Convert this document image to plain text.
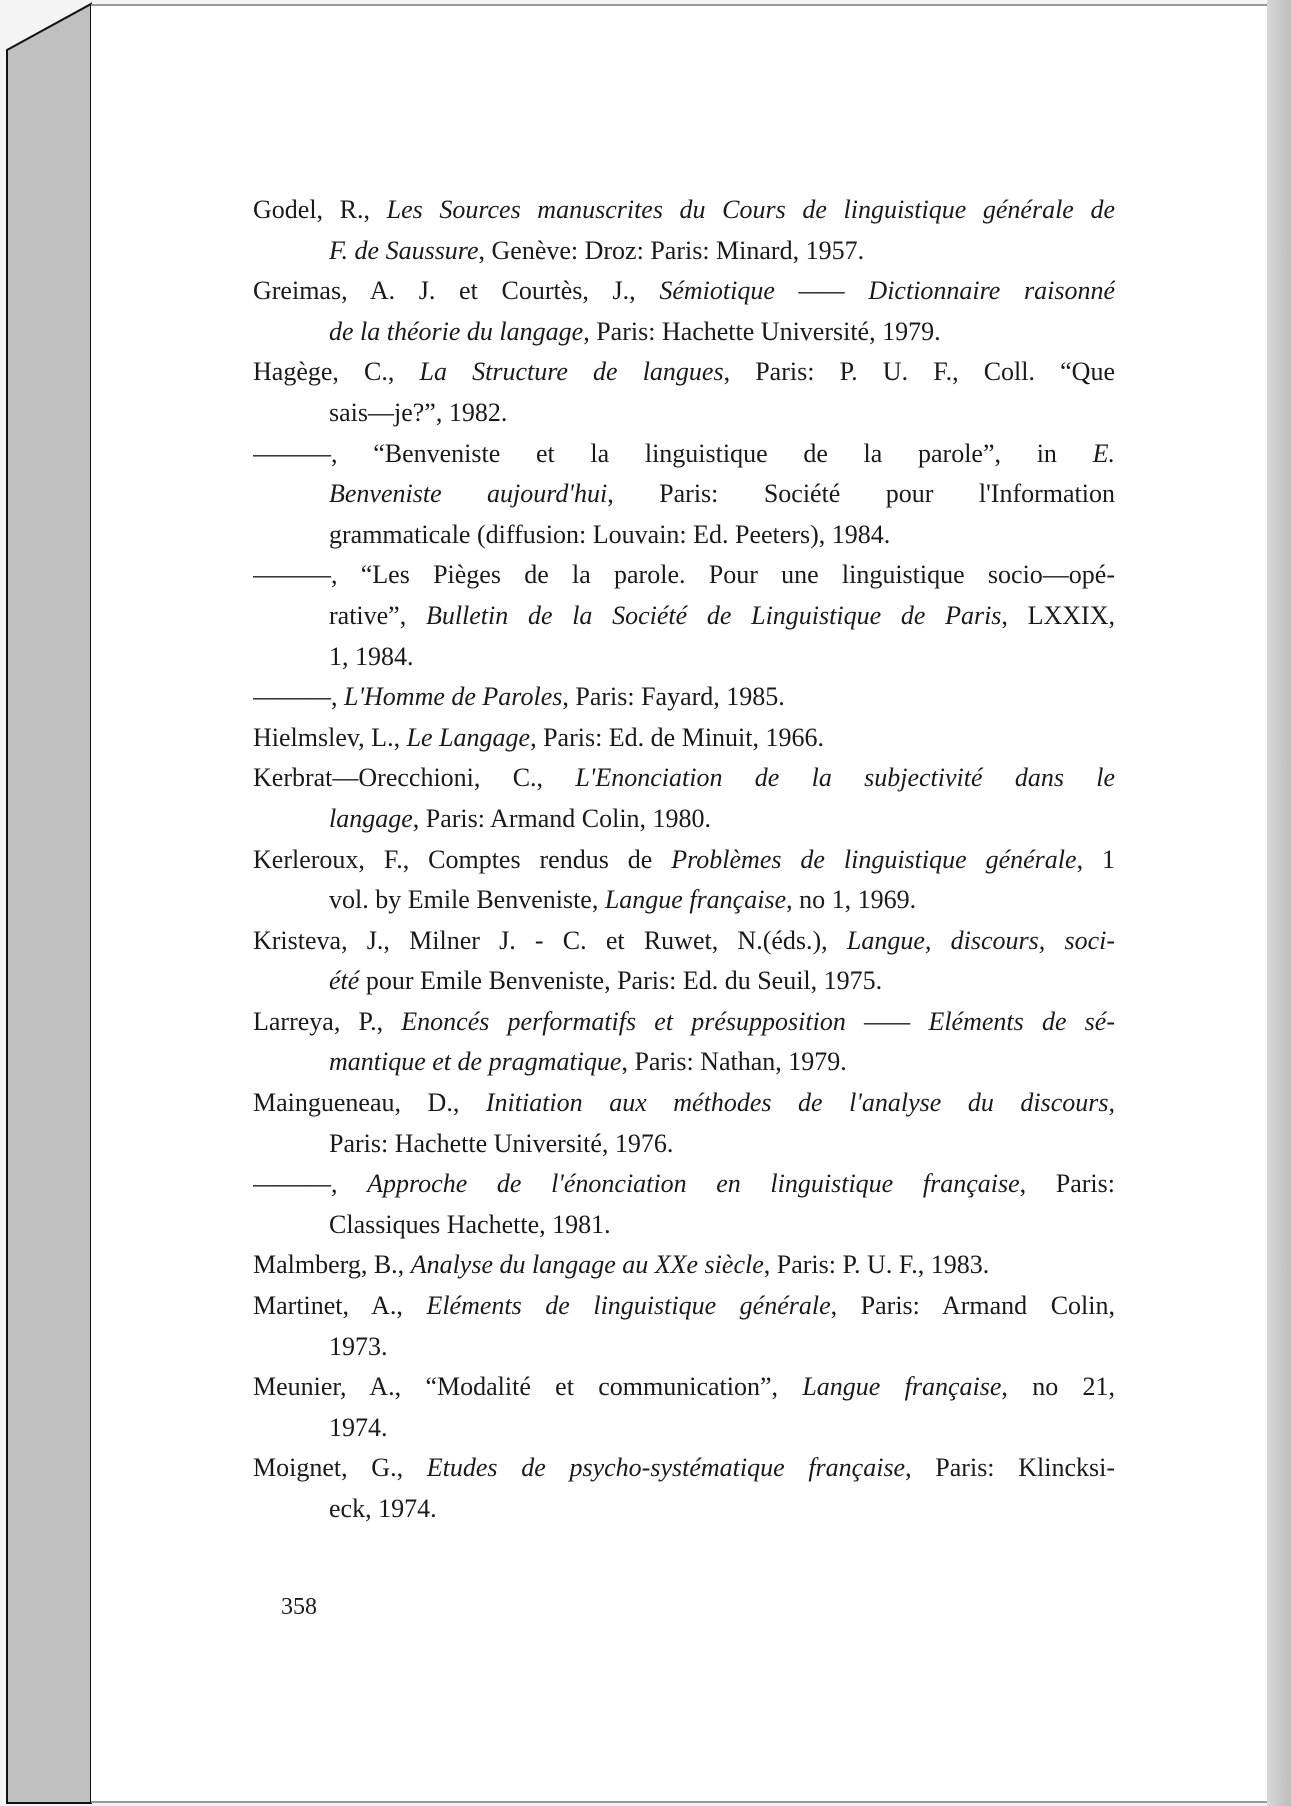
Godel, R., Les Sources manuscrites du Cours de linguistique générale de
F. de Saussure, Genève: Droz: Paris: Minard, 1957.
Greimas, A. J. et Courtès, J., Sémiotique —— Dictionnaire raisonné
de la théorie du langage, Paris: Hachette Université, 1979.
Hagège, C., La Structure de langues, Paris: P. U. F., Coll. “Que
sais—je?”, 1982.
———, “Benveniste et la linguistique de la parole”, in E.
Benveniste aujourd'hui, Paris: Société pour l'Information
grammaticale (diffusion: Louvain: Ed. Peeters), 1984.
———, “Les Pièges de la parole. Pour une linguistique socio—opé-
rative”, Bulletin de la Société de Linguistique de Paris, LXXIX,
1, 1984.
———, L'Homme de Paroles, Paris: Fayard, 1985.
Hielmslev, L., Le Langage, Paris: Ed. de Minuit, 1966.
Kerbrat—Orecchioni, C., L'Enonciation de la subjectivité dans le
langage, Paris: Armand Colin, 1980.
Kerleroux, F., Comptes rendus de Problèmes de linguistique générale, 1
vol. by Emile Benveniste, Langue française, no 1, 1969.
Kristeva, J., Milner J. - C. et Ruwet, N.(éds.), Langue, discours, soci-
été pour Emile Benveniste, Paris: Ed. du Seuil, 1975.
Larreya, P., Enoncés performatifs et présupposition —— Eléments de sé-
mantique et de pragmatique, Paris: Nathan, 1979.
Maingueneau, D., Initiation aux méthodes de l'analyse du discours,
Paris: Hachette Université, 1976.
———, Approche de l'énonciation en linguistique française, Paris:
Classiques Hachette, 1981.
Malmberg, B., Analyse du langage au XXe siècle, Paris: P. U. F., 1983.
Martinet, A., Eléments de linguistique générale, Paris: Armand Colin,
1973.
Meunier, A., “Modalité et communication”, Langue française, no 21,
1974.
Moignet, G., Etudes de psycho-systématique française, Paris: Klincksi-
eck, 1974.
358
